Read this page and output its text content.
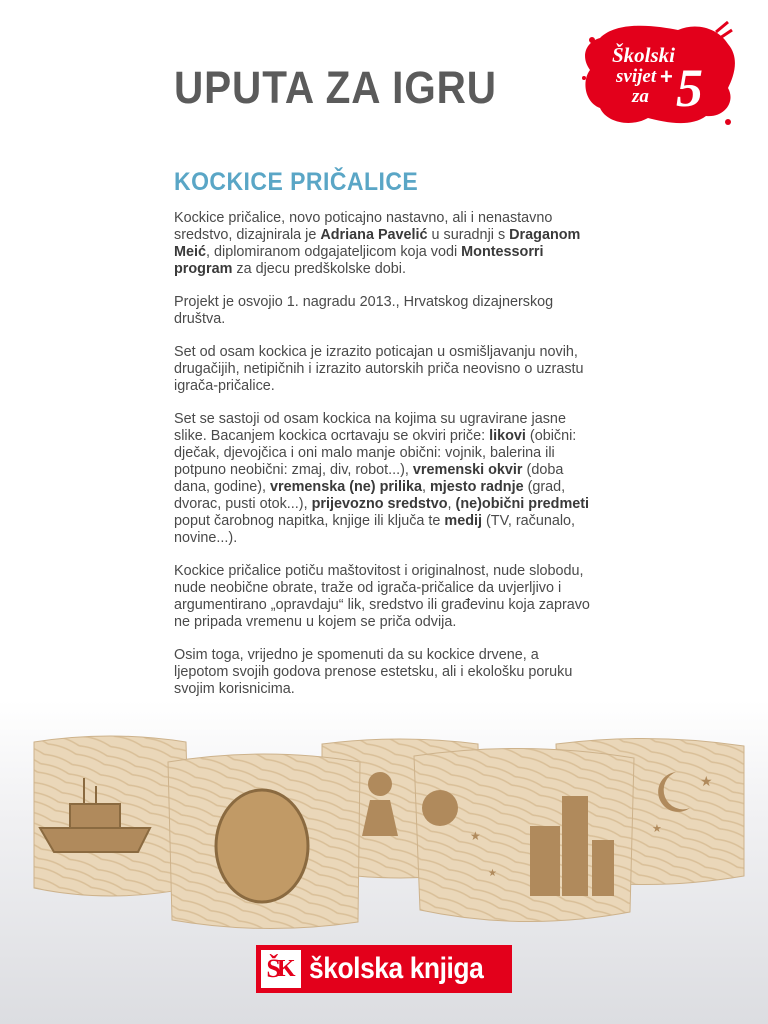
UPUTA ZA IGRU
Školski
svijet
za
+ 5
KOCKICE PRIČALICE

Kockice pričalice, novo poticajno nastavno, ali i nenastavno sredstvo, dizajnirala je Adriana Pavelić u suradnji s Draganom Meić, diplomiranom odgajateljicom koja vodi Montessorri program za djecu predškolske dobi.

Projekt je osvojio 1. nagradu 2013., Hrvatskog dizajnerskog društva.

Set od osam kockica je izrazito poticajan u osmišljavanju novih, drugačijih, netipičnih i izrazito autorskih priča neovisno o uzrastu igrača-pričalice.

Set se sastoji od osam kockica na kojima su ugravirane jasne slike. Bacanjem kockica ocrtavaju se okviri priče: likovi (obični: dječak, djevojčica i oni malo manje obični: vojnik, balerina ili potpuno neobični: zmaj, div, robot...), vremenski okvir (doba dana, godine), vremenska (ne) prilika, mjesto radnje (grad, dvorac, pusti otok...), prijevozno sredstvo, (ne)obični predmeti poput čarobnog napitka, knjige ili ključa te medij (TV, računalo, novine...).

Kockice pričalice potiču maštovitost i originalnost, nude slobodu, nude neobične obrate, traže od igrača-pričalice da uvjerljivo i argumentirano „opravdaju“ lik, sredstvo ili građevinu koja zapravo ne pripada vremenu u kojem se priča odvija.

Osim toga, vrijedno je spomenuti da su kockice drvene, a ljepotom svojih godova prenose estetsku, ali i ekološku poruku svojim korisnicima.

★
★
★
★
Š
K školska knjiga
